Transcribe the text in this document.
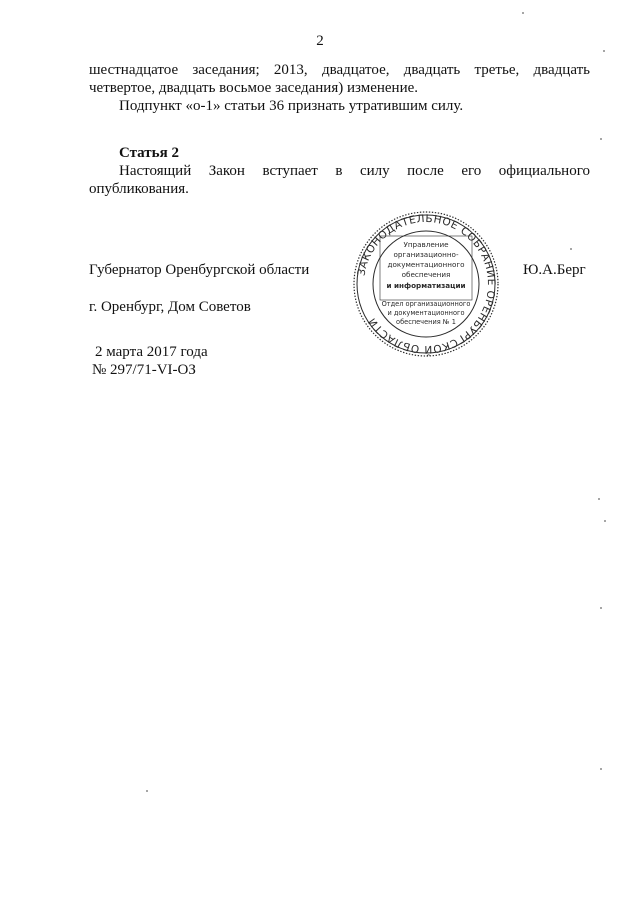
2

шестнадцатое заседания; 2013, двадцатое, двадцать третье, двадцать

четвертое, двадцать восьмое заседания) изменение.

Подпункт «о-1» статьи 36 признать утратившим силу.

Статья 2

Настоящий Закон вступает в силу после его официального

опубликования.

Губернатор Оренбургской области	Ю.А.Берг
г. Оренбург, Дом Советов
2 марта 2017 года
№ 297/71-VI-ОЗ
ЗАКОНОДАТЕЛЬНОЕ СОБРАНИЕ ОРЕНБУРГСКОЙ ОБЛАСТИ
Управление
организационно-
документационного
обеспечения
и информатизации
Отдел организационного
и документационного
обеспечения № 1
